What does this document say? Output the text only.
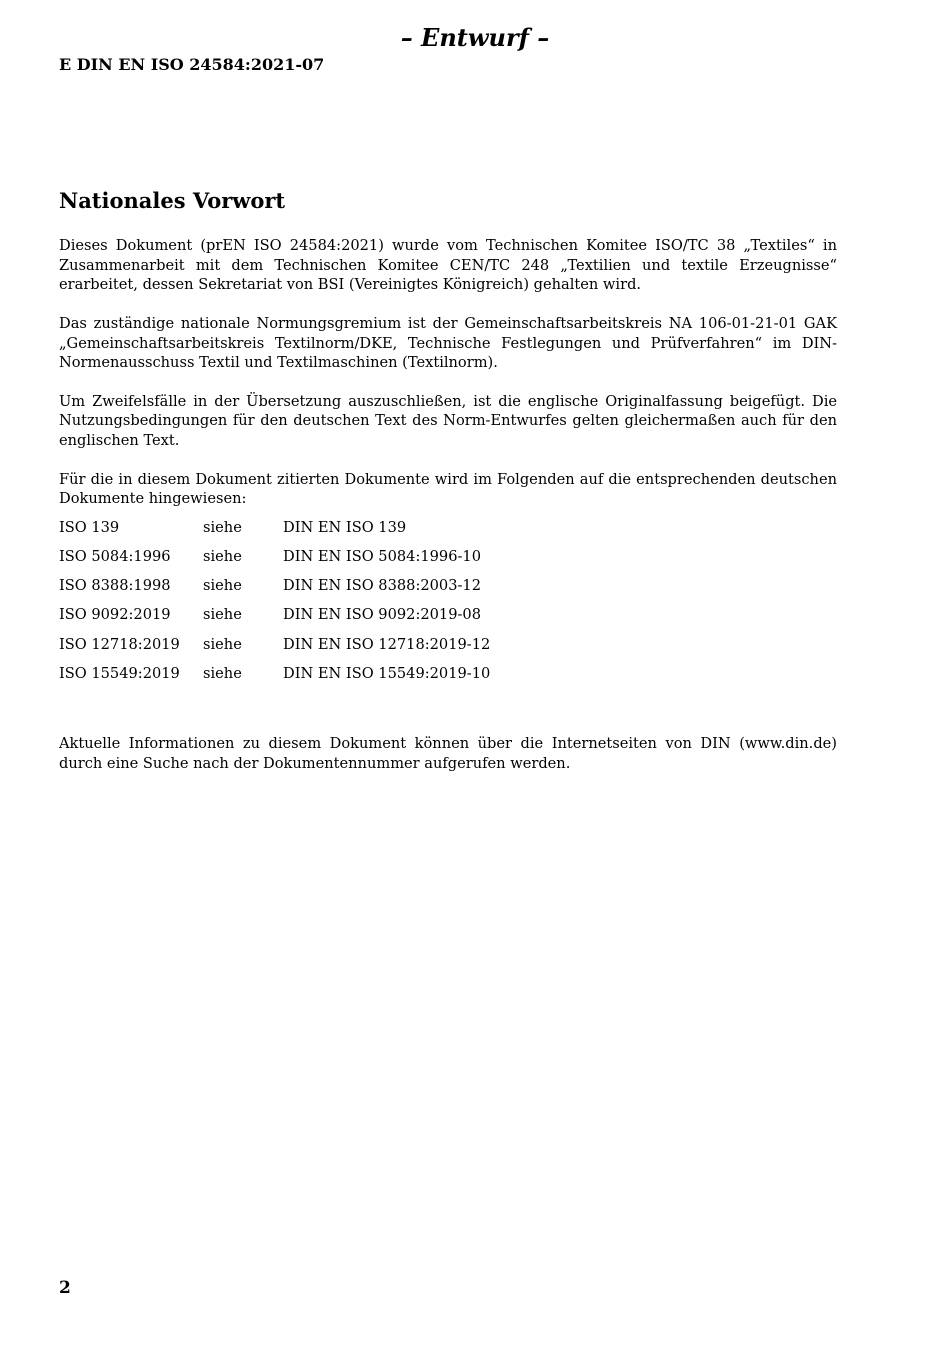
– Entwurf –

E DIN EN ISO 24584:2021-07

Nationales Vorwort

Dieses Dokument (prEN ISO 24584:2021) wurde vom Technischen Komitee ISO/TC 38 „Textiles“ in Zusammenarbeit mit dem Technischen Komitee CEN/TC 248 „Textilien und textile Erzeugnisse“ erarbeitet, dessen Sekretariat von BSI (Vereinigtes Königreich) gehalten wird.

Das zuständige nationale Normungsgremium ist der Gemeinschaftsarbeitskreis NA 106-01-21-01 GAK „Gemeinschaftsarbeitskreis Textilnorm/DKE, Technische Festlegungen und Prüfverfahren“ im DIN-Normenausschuss Textil und Textilmaschinen (Textilnorm).

Um Zweifelsfälle in der Übersetzung auszuschließen, ist die englische Originalfassung beigefügt. Die Nutzungsbedingungen für den deutschen Text des Norm-Entwurfes gelten gleichermaßen auch für den englischen Text.

Für die in diesem Dokument zitierten Dokumente wird im Folgenden auf die entsprechenden deutschen Dokumente hingewiesen:

ISO 139	siehe	DIN EN ISO 139
ISO 5084:1996	siehe	DIN EN ISO 5084:1996-10
ISO 8388:1998	siehe	DIN EN ISO 8388:2003-12
ISO 9092:2019	siehe	DIN EN ISO 9092:2019-08
ISO 12718:2019	siehe	DIN EN ISO 12718:2019-12
ISO 15549:2019	siehe	DIN EN ISO 15549:2019-10

Aktuelle Informationen zu diesem Dokument können über die Internetseiten von DIN (www.din.de) durch eine Suche nach der Dokumentennummer aufgerufen werden.

2
